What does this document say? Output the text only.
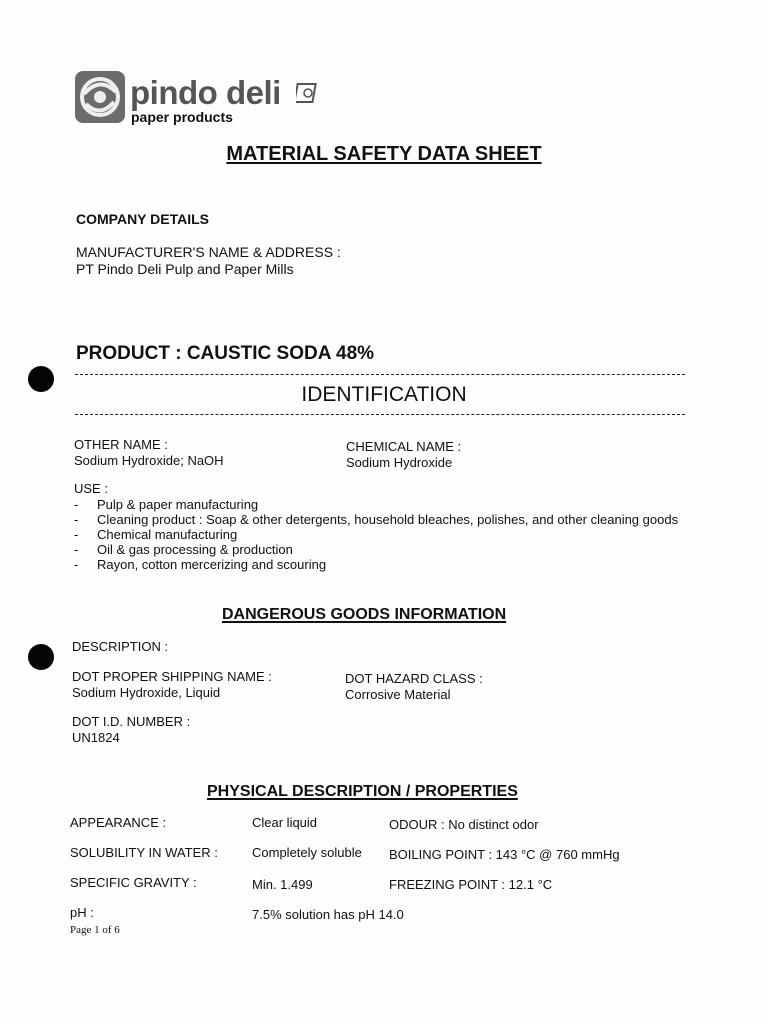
pindo deli
paper products
MATERIAL SAFETY DATA SHEET
COMPANY DETAILS
MANUFACTURER'S NAME & ADDRESS :
PT Pindo Deli Pulp and Paper Mills
PRODUCT : CAUSTIC SODA 48%
IDENTIFICATION
OTHER NAME :
Sodium Hydroxide; NaOH
CHEMICAL NAME :
Sodium Hydroxide
USE :
- Pulp & paper manufacturing
- Cleaning product : Soap & other detergents, household bleaches, polishes, and other cleaning goods
- Chemical manufacturing
- Oil & gas processing & production
- Rayon, cotton mercerizing and scouring
DANGEROUS GOODS INFORMATION
DESCRIPTION :
DOT PROPER SHIPPING NAME :
Sodium Hydroxide, Liquid
DOT HAZARD CLASS :
Corrosive Material
DOT I.D. NUMBER :
UN1824
PHYSICAL DESCRIPTION / PROPERTIES
APPEARANCE :	Clear liquid	ODOUR : No distinct odor
SOLUBILITY IN WATER :	Completely soluble BOILING POINT : 143 °C @ 760 mmHg
SPECIFIC GRAVITY :	Min. 1.499	FREEZING POINT : 12.1 °C
pH :	7.5% solution has pH 14.0
Page 1 of 6
